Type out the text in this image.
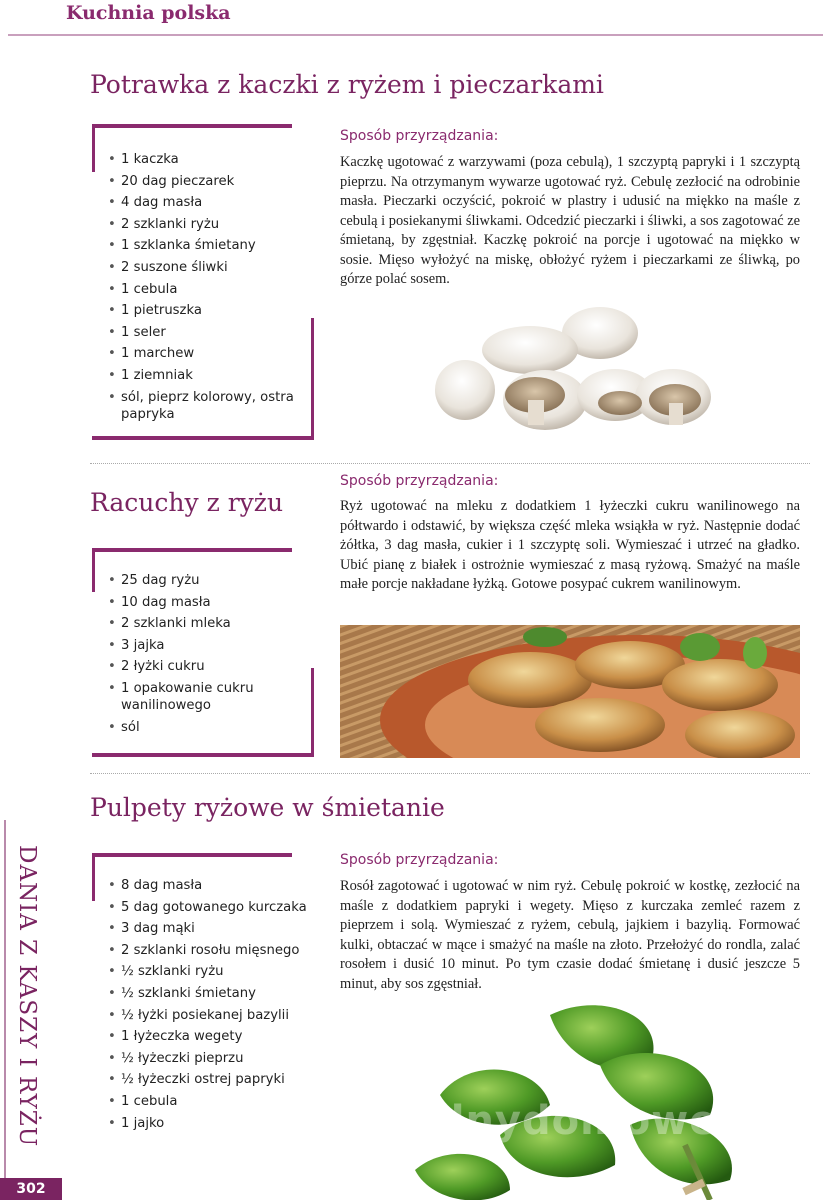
Kuchnia polska
Potrawka z kaczki z ryżem i pieczarkami
• 1 kaczka
• 20 dag pieczarek
• 4 dag masła
• 2 szklanki ryżu
• 1 szklanka śmietany
• 2 suszone śliwki
• 1 cebula
• 1 pietruszka
• 1 seler
• 1 marchew
• 1 ziemniak
• sól, pieprz kolorowy, ostra papryka
Sposób przyrządzania:

Kaczkę ugotować z warzywami (poza cebulą), 1 szczyptą papryki i 1 szczyptą pieprzu. Na otrzymanym wywarze ugotować ryż. Cebulę zezłocić na odrobinie masła. Pieczarki oczyścić, pokroić w plastry i udusić na miękko na maśle z cebulą i posiekanymi śliwkami. Odcedzić pieczarki i śliwki, a sos zagotować ze śmietaną, by zgęstniał. Kaczkę pokroić na porcje i ugotować na miękko w sosie. Mięso wyłożyć na miskę, obłożyć ryżem i pieczarkami ze śliwką, po górze polać sosem.

Sposób przyrządzania:

Ryż ugotować na mleku z dodatkiem 1 łyżeczki cukru wanilinowego na półtwardo i odstawić, by większa część mleka wsiąkła w ryż. Następnie dodać żółtka, 3 dag masła, cukier i 1 szczyptę soli. Wymieszać i utrzeć na gładko. Ubić pianę z białek i ostrożnie wymieszać z masą ryżową. Smażyć na maśle małe porcje nakładane łyżką. Gotowe posypać cukrem wanilinowym.

Racuchy z ryżu
• 25 dag ryżu
• 10 dag masła
• 2 szklanki mleka
• 3 jajka
• 2 łyżki cukru
• 1 opakowanie cukru wanilinowego
• sól
Pulpety ryżowe w śmietanie
• 8 dag masła
• 5 dag gotowanego kurczaka
• 3 dag mąki
• 2 szklanki rosołu mięsnego
• ½ szklanki ryżu
• ½ szklanki śmietany
• ½ łyżki posiekanej bazylii
• 1 łyżeczka wegety
• ½ łyżeczki pieprzu
• ½ łyżeczki ostrej papryki
• 1 cebula
• 1 jajko
Sposób przyrządzania:

Rosół zagotować i ugotować w nim ryż. Cebulę pokroić w kostkę, zezłocić na maśle z dodatkiem papryki i wegety. Mięso z kurczaka zemleć razem z pieprzem i solą. Wymieszać z ryżem, cebulą, jajkiem i bazylią. Formować kulki, obtaczać w mące i smażyć na maśle na złoto. Przełożyć do rondla, zalać rosołem i dusić 10 minut. Po tym czasie dodać śmietanę i dusić jeszcze 5 minut, aby sos zgęstniał.

obiadnydomowe.pl
DANIA Z KASZY I RYŻU
302
